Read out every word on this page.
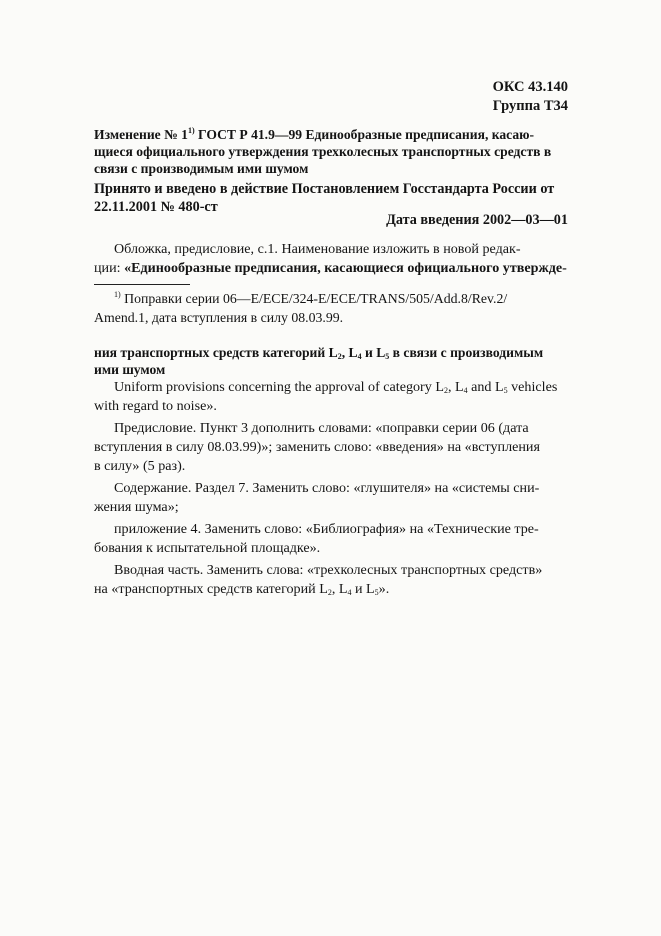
ОКС 43.140
Группа Т34
Изменение № 1$^{1)}$ ГОСТ Р 41.9—99 Единообразные предписания, касаю-
щиеся официального утверждения трехколесных транспортных средств в
связи с производимым ими шумом
Принято и введено в действие Постановлением Госстандарта России от
22.11.2001 № 480-ст
Дата введения 2002—03—01
Обложка, предисловие, с.1. Наименование изложить в новой редак-
ции: «Единообразные предписания, касающиеся официального утвержде-
$^{1)}$ Поправки серии 06—E/ECE/324-E/ECE/TRANS/505/Add.8/Rev.2/
Amend.1, дата вступления в силу 08.03.99.
ния транспортных средств категорий $L_2$, $L_4$ и $L_5$ в связи с производимым
ими шумом

Uniform provisions concerning the approval of category $L_2$, $L_4$ and $L_5$ vehicles
with regard to noise».

Предисловие. Пункт 3 дополнить словами: «поправки серии 06 (дата
вступления в силу 08.03.99)»; заменить слово: «введения» на «вступления
в силу» (5 раз).

Содержание. Раздел 7. Заменить слово: «глушителя» на «системы сни-
жения шума»;

приложение 4. Заменить слово: «Библиография» на «Технические тре-
бования к испытательной площадке».

Вводная часть. Заменить слова: «трехколесных транспортных средств»
на «транспортных средств категорий $L_2$, $L_4$ и $L_5$».
